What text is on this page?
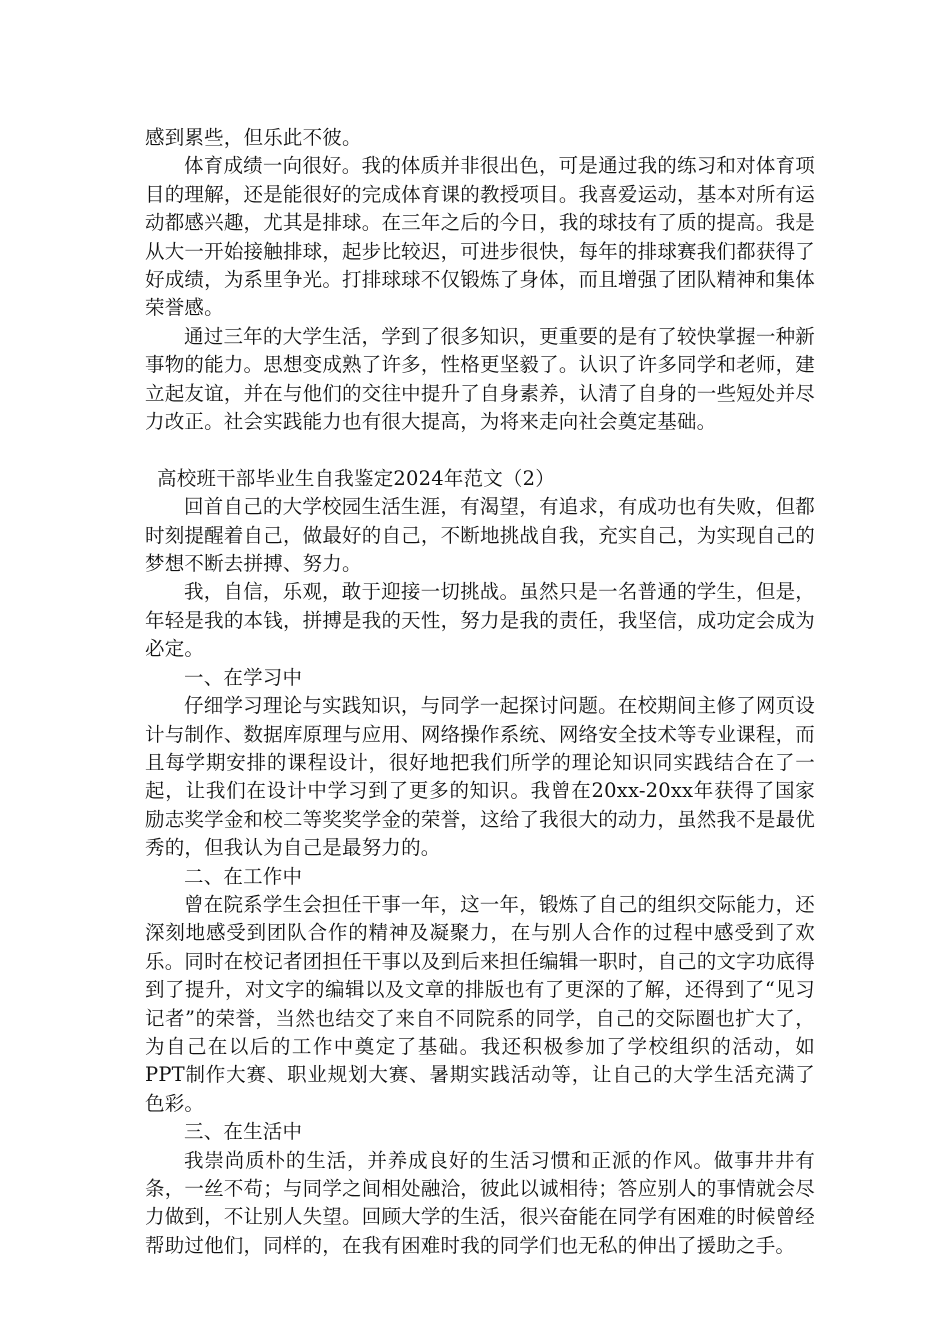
感到累些，但乐此不彼。

体育成绩一向很好。我的体质并非很出色，可是通过我的练习和对体育项目的理解，还是能很好的完成体育课的教授项目。我喜爱运动，基本对所有运动都感兴趣，尤其是排球。在三年之后的今日，我的球技有了质的提高。我是从大一开始接触排球，起步比较迟，可进步很快，每年的排球赛我们都获得了好成绩，为系里争光。打排球球不仅锻炼了身体，而且增强了团队精神和集体荣誉感。

通过三年的大学生活，学到了很多知识，更重要的是有了较快掌握一种新事物的能力。思想变成熟了许多，性格更坚毅了。认识了许多同学和老师，建立起友谊，并在与他们的交往中提升了自身素养，认清了自身的一些短处并尽力改正。社会实践能力也有很大提高，为将来走向社会奠定基础。

高校班干部毕业生自我鉴定2024年范文（2）

回首自己的大学校园生活生涯，有渴望，有追求，有成功也有失败，但都时刻提醒着自己，做最好的自己，不断地挑战自我，充实自己，为实现自己的梦想不断去拼搏、努力。

我，自信，乐观，敢于迎接一切挑战。虽然只是一名普通的学生，但是，年轻是我的本钱，拼搏是我的天性，努力是我的责任，我坚信，成功定会成为必定。

一、在学习中

仔细学习理论与实践知识，与同学一起探讨问题。在校期间主修了网页设计与制作、数据库原理与应用、网络操作系统、网络安全技术等专业课程，而且每学期安排的课程设计，很好地把我们所学的理论知识同实践结合在了一起，让我们在设计中学习到了更多的知识。我曾在20xx-20xx年获得了国家励志奖学金和校二等奖奖学金的荣誉，这给了我很大的动力，虽然我不是最优秀的，但我认为自己是最努力的。

二、在工作中

曾在院系学生会担任干事一年，这一年，锻炼了自己的组织交际能力，还深刻地感受到团队合作的精神及凝聚力，在与别人合作的过程中感受到了欢乐。同时在校记者团担任干事以及到后来担任编辑一职时，自己的文字功底得到了提升，对文字的编辑以及文章的排版也有了更深的了解，还得到了“见习记者”的荣誉，当然也结交了来自不同院系的同学，自己的交际圈也扩大了，为自己在以后的工作中奠定了基础。我还积极参加了学校组织的活动，如PPT制作大赛、职业规划大赛、暑期实践活动等，让自己的大学生活充满了色彩。

三、在生活中

我崇尚质朴的生活，并养成良好的生活习惯和正派的作风。做事井井有条，一丝不苟；与同学之间相处融洽，彼此以诚相待；答应别人的事情就会尽力做到，不让别人失望。回顾大学的生活，很兴奋能在同学有困难的时候曾经帮助过他们，同样的，在我有困难时我的同学们也无私的伸出了援助之手。
